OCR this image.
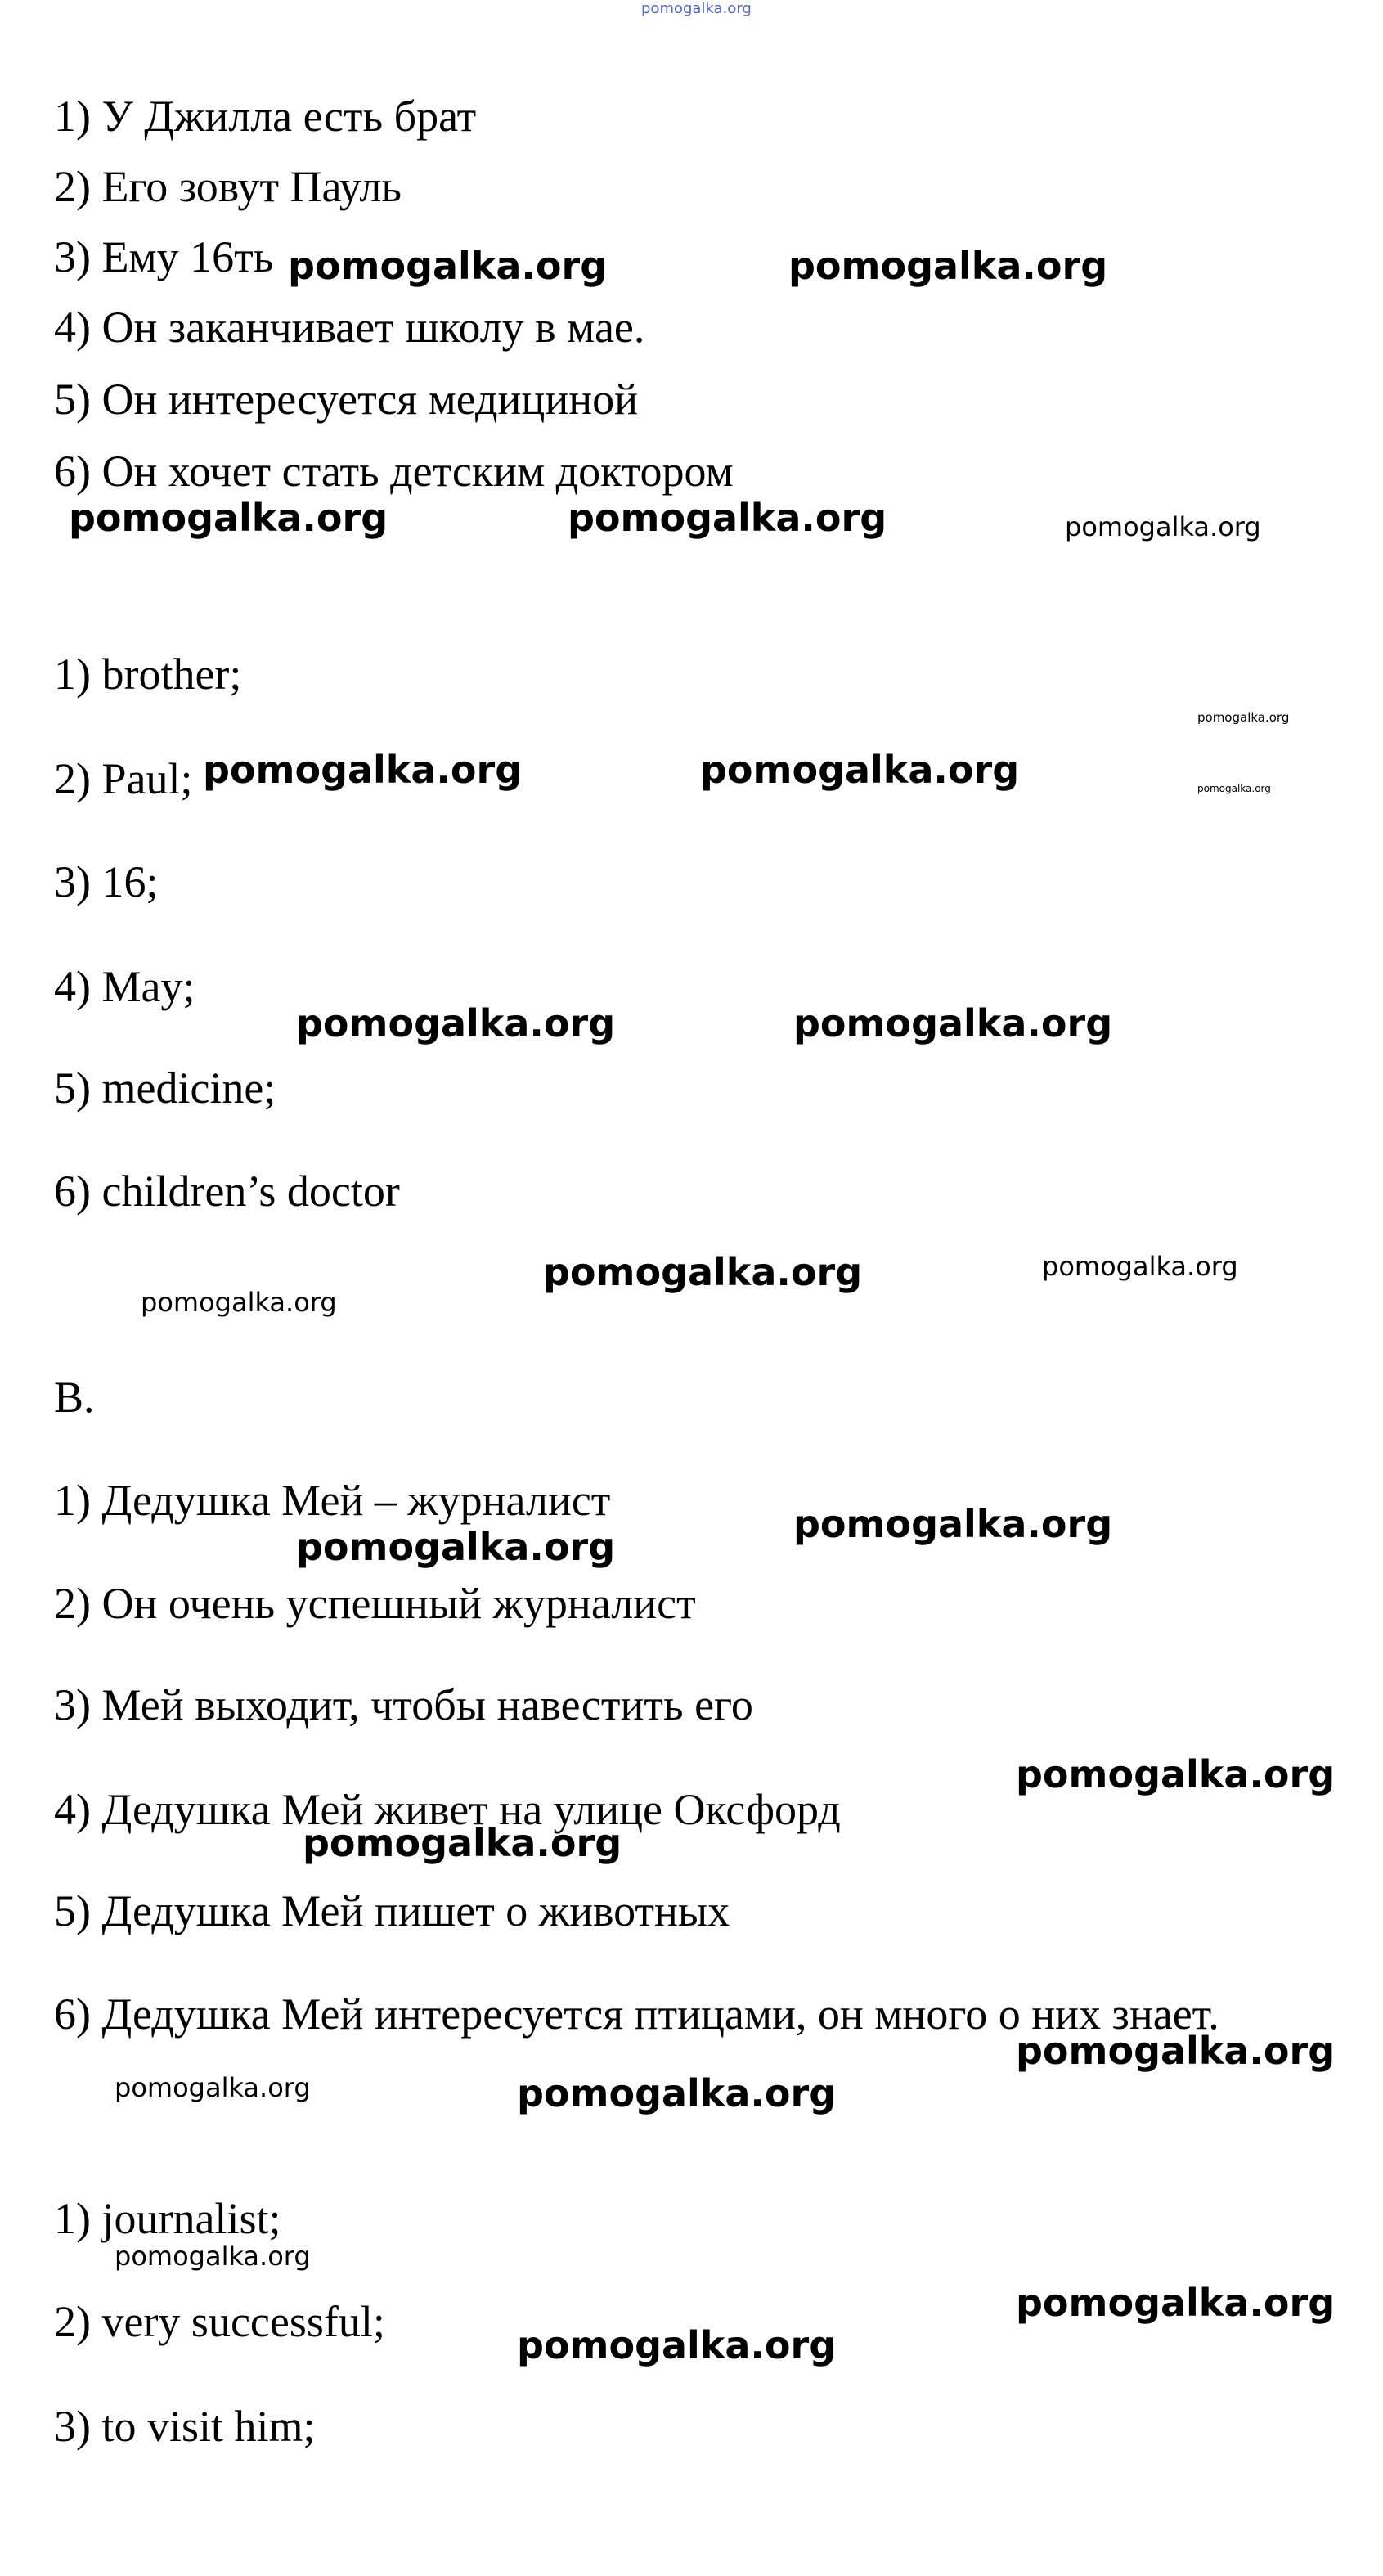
pomogalka.org

1) У Джилла есть брат

2) Его зовут Пауль

3) Ему 16ть

4) Он заканчивает школу в мае.

5) Он интересуется медициной

6) Он хочет стать детским доктором

1) brother;

2) Paul;

3) 16;

4) May;

5) medicine;

6) children’s doctor

B.

1) Дедушка Мей – журналист

2) Он очень успешный журналист

3) Мей выходит, чтобы навестить его

4) Дедушка Мей живет на улице Оксфорд

5) Дедушка Мей пишет о животных

6) Дедушка Мей интересуется птицами, он много о них знает.

1) journalist;

2) very successful;

3) to visit him;

pomogalka.org	pomogalka.org
pomogalka.org	pomogalka.org	pomogalka.org
pomogalka.org
pomogalka.org	pomogalka.org	pomogalka.org
pomogalka.org	pomogalka.org
pomogalka.org	pomogalka.org
pomogalka.org
pomogalka.org
pomogalka.org
pomogalka.org
pomogalka.org
pomogalka.org
pomogalka.org	pomogalka.org
pomogalka.org
pomogalka.org
pomogalka.org
